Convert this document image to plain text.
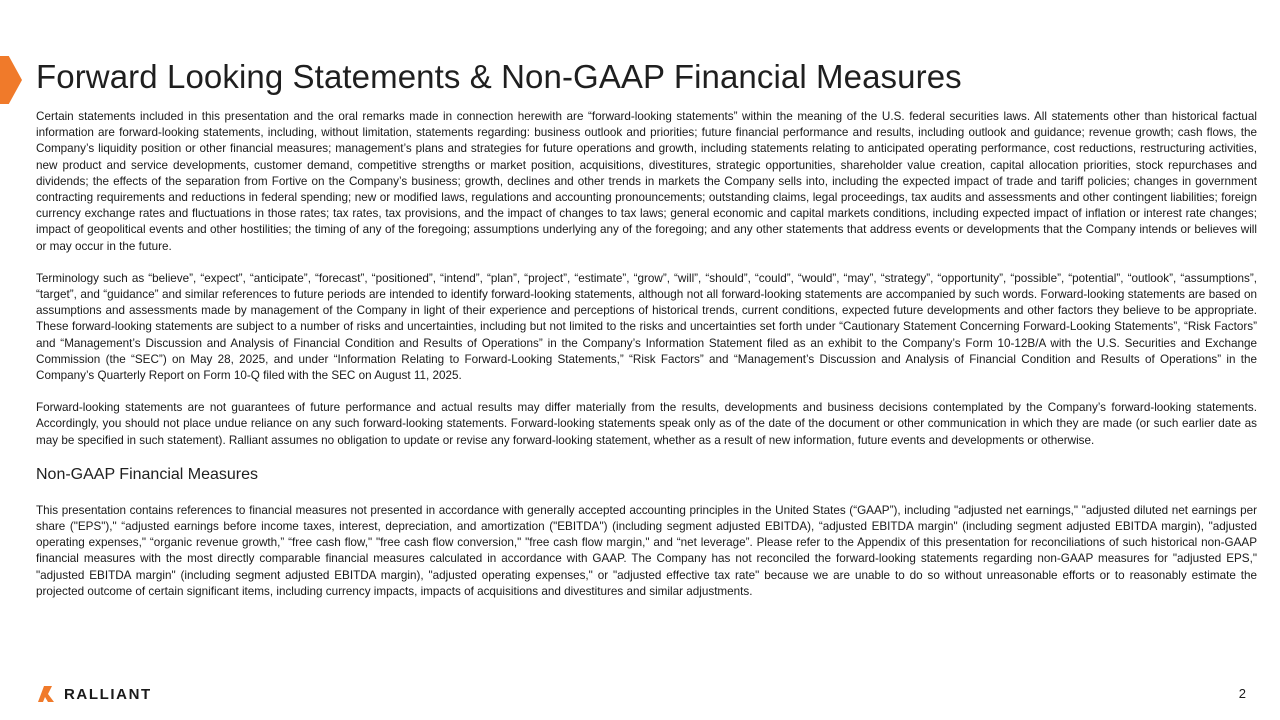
Forward Looking Statements & Non-GAAP Financial Measures

Certain statements included in this presentation and the oral remarks made in connection herewith are “forward-looking statements” within the meaning of the U.S. federal securities laws. All statements other than historical factual information are forward-looking statements, including, without limitation, statements regarding: business outlook and priorities; future financial performance and results, including outlook and guidance; revenue growth; cash flows, the Company’s liquidity position or other financial measures; management’s plans and strategies for future operations and growth, including statements relating to anticipated operating performance, cost reductions, restructuring activities, new product and service developments, customer demand, competitive strengths or market position, acquisitions, divestitures, strategic opportunities, shareholder value creation, capital allocation priorities, stock repurchases and dividends; the effects of the separation from Fortive on the Company’s business; growth, declines and other trends in markets the Company sells into, including the expected impact of trade and tariff policies; changes in government contracting requirements and reductions in federal spending; new or modified laws, regulations and accounting pronouncements; outstanding claims, legal proceedings, tax audits and assessments and other contingent liabilities; foreign currency exchange rates and fluctuations in those rates; tax rates, tax provisions, and the impact of changes to tax laws; general economic and capital markets conditions, including expected impact of inflation or interest rate changes; impact of geopolitical events and other hostilities; the timing of any of the foregoing; assumptions underlying any of the foregoing; and any other statements that address events or developments that the Company intends or believes will or may occur in the future.

Terminology such as “believe”, “expect”, “anticipate”, “forecast”, “positioned”, “intend”, “plan”, “project”, “estimate”, “grow”, “will”, “should”, “could”, “would”, “may”, “strategy”, “opportunity”, “possible”, “potential”, “outlook”, “assumptions”, “target”, and “guidance” and similar references to future periods are intended to identify forward-looking statements, although not all forward-looking statements are accompanied by such words. Forward-looking statements are based on assumptions and assessments made by management of the Company in light of their experience and perceptions of historical trends, current conditions, expected future developments and other factors they believe to be appropriate. These forward-looking statements are subject to a number of risks and uncertainties, including but not limited to the risks and uncertainties set forth under “Cautionary Statement Concerning Forward-Looking Statements”, “Risk Factors” and “Management’s Discussion and Analysis of Financial Condition and Results of Operations” in the Company’s Information Statement filed as an exhibit to the Company’s Form 10-12B/A with the U.S. Securities and Exchange Commission (the “SEC”) on May 28, 2025, and under “Information Relating to Forward-Looking Statements,” “Risk Factors” and “Management’s Discussion and Analysis of Financial Condition and Results of Operations” in the Company’s Quarterly Report on Form 10-Q filed with the SEC on August 11, 2025.

Forward-looking statements are not guarantees of future performance and actual results may differ materially from the results, developments and business decisions contemplated by the Company’s forward-looking statements. Accordingly, you should not place undue reliance on any such forward-looking statements. Forward-looking statements speak only as of the date of the document or other communication in which they are made (or such earlier date as may be specified in such statement). Ralliant assumes no obligation to update or revise any forward-looking statement, whether as a result of new information, future events and developments or otherwise.

Non-GAAP Financial Measures

This presentation contains references to financial measures not presented in accordance with generally accepted accounting principles in the United States (“GAAP”), including "adjusted net earnings," "adjusted diluted net earnings per share ("EPS")," “adjusted earnings before income taxes, interest, depreciation, and amortization ("EBITDA") (including segment adjusted EBITDA), “adjusted EBITDA margin" (including segment adjusted EBITDA margin), "adjusted operating expenses," “organic revenue growth,” “free cash flow," "free cash flow conversion," "free cash flow margin," and “net leverage”. Please refer to the Appendix of this presentation for reconciliations of such historical non-GAAP financial measures with the most directly comparable financial measures calculated in accordance with GAAP. The Company has not reconciled the forward-looking statements regarding non-GAAP measures for "adjusted EPS," "adjusted EBITDA margin" (including segment adjusted EBITDA margin), "adjusted operating expenses," or "adjusted effective tax rate" because we are unable to do so without unreasonable efforts or to reasonably estimate the projected outcome of certain significant items, including currency impacts, impacts of acquisitions and divestitures and similar adjustments.

RALLIANT	2
